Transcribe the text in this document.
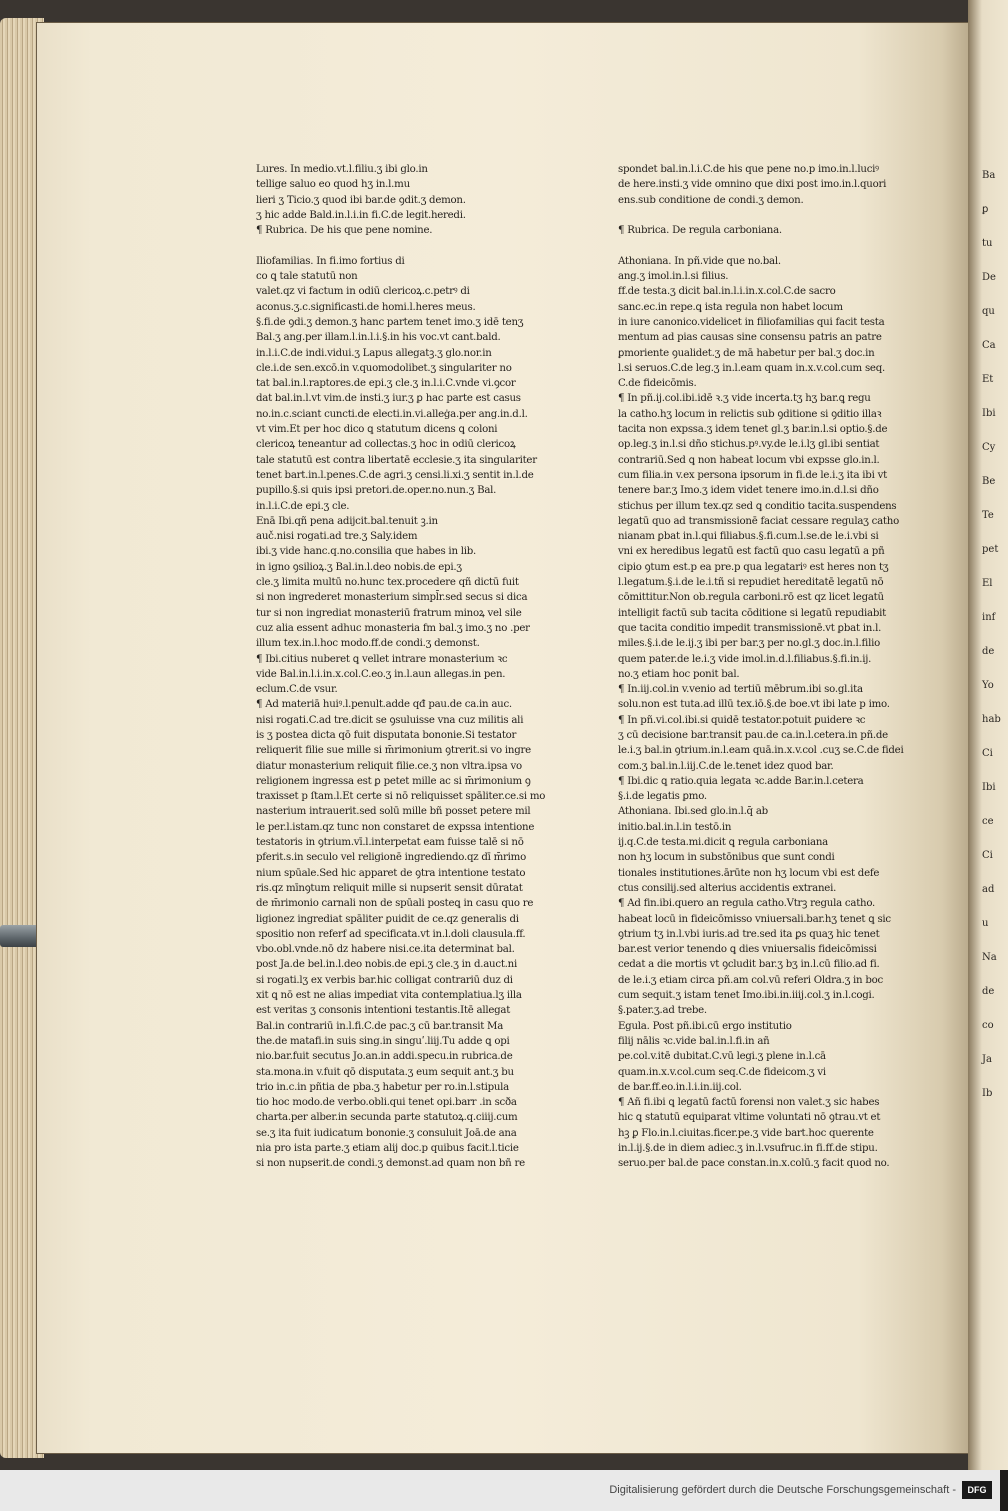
Lures. In medio.vt.l.filiu.ʒ ibi glo.in
tellige saluo eo quod hʒ in.l.mu
lieri ʒ Ticio.ʒ quod ibi bar.de ꝯdit.ʒ demon.
ʒ hic adde Bald.in.l.i.in fi.C.de legit.heredi.
¶ Rubrica. De his que pene nomine.
Iliofamilias. In fi.imo fortius di
co ꝗ tale statutū non
valet.qz vi factum in odiū clericoꝝ.c.petrꝰ di
aconus.ʒ.c.significasti.de homi.l.heres meus.
§.fi.de ꝯdi.ʒ demon.ʒ hanc partem tenet imo.ʒ idē tenʒ
Bal.ʒ ang.per illam.l.in.l.i.§.in his voc.vt cant.bald.
in.l.i.C.de indi.vidui.ʒ Lapus allegatꝫ.ʒ glo.nor.in
cle.i.de sen.excō.in v.quomodolibet.ʒ singulariter no
tat bal.in.l.raptores.de epi.ʒ cle.ʒ in.l.i.C.vnde vi.ꝯcor
dat bal.in.l.vt vim.de insti.ʒ iur.ʒ ꝑ hac parte est casus
no.in.c.sciant cuncti.de electi.in.vi.alleġa.per ang.in.d.l.
vt vim.Et per hoc dico ꝗ statutum dicens ꝗ coloni
clericoꝝ teneantur ad collectas.ʒ hoc in odiū clericoꝝ
tale statutū est contra libertatē ecclesie.ʒ ita singulariter
tenet bart.in.l.penes.C.de agri.ʒ censi.li.xi.ʒ sentit in.l.de
pupillo.§.si quis ipsi pretori.de.oper.no.nun.ʒ Bal.
in.l.i.C.de epi.ʒ cle.
Enā Ibi.qñ pena adijcit.bal.tenuit ꝫ.in
auč.nisi rogati.ad tre.ʒ Saly.idem
ibi.ʒ vide hanc.q.no.consilia que habes in lib.
in igno ꝯsilioꝝ.ʒ Bal.in.l.deo nobis.de epi.ʒ
cle.ʒ limita multū no.hunc tex.procedere qñ dictū fuit
si non ingrederet monasterium simpl̄r.sed secus si dica
tur si non ingrediat monasteriū fratrum minoꝝ vel sile
cuz alia essent adhuc monasteria fm bal.ʒ imo.ʒ no .per
illum tex.in.l.hoc modo.ff.de condi.ʒ demonst.
¶ Ibi.citius nuberet ꝗ vellet intrare monasterium ꝛc
vide Bal.in.l.i.in.x.col.C.eo.ʒ in.l.aun allegas.in pen.
eclum.C.de vsur.
¶ Ad materiā huiꝰ.l.penult.adde qđ pau.de ca.in auc.
nisi rogati.C.ad tre.dicit se ꝯsuluisse vna cuz militis ali
is ʒ postea dicta qō fuit disputata bononie.Si testator
reliquerit filie sue mille si m̄rimonium ꝯtrerit.si vo ingre
diatur monasterium reliquit filie.ce.ʒ non vltra.ipsa vo
religionem ingressa est ꝑ petet mille ac si m̄rimonium ꝯ
traxisset p ſtam.l.Et certe si nō reliquisset spāliter.ce.si mo
nasterium intrauerit.sed solū mille bñ posset petere mil
le per.l.istam.qz tunc non constaret de expssa intentione
testatoris in ꝯtrium.vī.l.interpetat eam fuisse talē si nō
pferit.s.in seculo vel religionē ingrediendo.qz dī m̄rimo
nium spūale.Sed hic apparet de ꝯtra intentione testato
ris.qz mīnꝯtum reliquit mille si nupserit sensit dūratat
de m̄rimonio carnali non de spūali posteꝗ in casu quo re
ligionez ingrediat spāliter ꝑuidit de ce.qz generalis di
spositio non referf ad specificata.vt in.l.doli clausula.ff.
vbo.obl.vnde.nō dz habere nisi.ce.ita determinat bal.
post Ja.de bel.in.l.deo nobis.de epi.ʒ cle.ʒ in d.auct.ni
si rogati.lʒ ex verbis bar.hic colligat contrariū duz di
xit ꝗ nō est ne alias impediat vita contemplatiua.lʒ illa
est veritas ʒ consonis intentioni testantis.Itē allegat
Bal.in contrariū in.l.fi.C.de pac.ʒ cū bar.transit Ma
the.de matafi.in suis sing.in singuʹ.liij.Tu adde ꝗ opi
nio.bar.fuit secutus Jo.an.in addi.specu.in rubrica.de
sta.mona.in v.fuit qō disputata.ʒ eum sequit ant.ʒ bu
trio in.c.in pñtia de pba.ʒ habetur per ro.in.l.stipula
tio hoc modo.de verbo.obli.qui tenet opi.barr .in scða
charta.per alber.in secunda parte statutoꝝ.q.ciiij.cum
se.ʒ ita fuit iudicatum bononie.ʒ consuluit Joā.de ana
nia pro ista parte.ʒ etiam alij doc.p quibus facit.l.ticie
si non nupserit.de condi.ʒ demonst.ad quam non bñ re
spondet bal.in.l.i.C.de his que pene no.p imo.in.l.luciꝰ
de here.insti.ʒ vide omnino que dixi post imo.in.l.quori
ens.sub conditione de condi.ʒ demon.
¶ Rubrica. De regula carboniana.
Athoniana. In pñ.vide que no.bal.
ang.ʒ imol.in.l.si filius.
ff.de testa.ʒ dicit bal.in.l.i.in.x.col.C.de sacro
sanc.ec.in repe.ꝗ ista regula non habet locum
in iure canonico.videlicet in filiofamilias qui facit testa
mentum ad pias causas sine consensu patris an patre
ꝑmoriente ꝯualidet.ʒ de mā habetur per bal.ʒ doc.in
l.si seruos.C.de leg.ʒ in.l.eam quam in.x.v.col.cum seq.
C.de fideicōmis.
¶ In pñ.ij.col.ibi.idē ꝛ.ʒ vide incerta.tʒ hʒ bar.ꝗ regu
la catho.hʒ locum in relictis sub ꝯditione si ꝯditio illaꝛ
tacita non expssa.ʒ idem tenet gl.ʒ bar.in.l.si optio.§.de
op.leg.ʒ in.l.si dño stichus.pꝰ.vy.de le.i.lʒ gl.ibi sentiat
contrariū.Sed ꝗ non habeat locum vbi expsse glo.in.l.
cum filia.in v.ex persona ipsorum in fi.de le.i.ʒ ita ibi vt
tenere bar.ʒ Imo.ʒ idem videt tenere imo.in.d.l.si dño
stichus per illum tex.qz sed ꝗ conditio tacita.suspendens
legatū quo ad transmissionē faciat cessare regulaʒ catho
nianam ꝑbat in.l.qui filiabus.§.fi.cum.l.se.de le.i.vbi si
vni ex heredibus legatū est factū quo casu legatū a pñ
cipio ꝯtum est.p ea pre.p qua legatariꝰ est heres non tʒ
l.legatum.§.i.de le.i.tñ si repudiet hereditatē legatū nō
cōmittitur.Non ob.regula carboni.rō est qz licet legatū
intelligit factū sub tacita cōditione si legatū repudiabit
que tacita conditio impedit transmissionē.vt ꝑbat in.l.
miles.§.i.de le.ij.ʒ ibi per bar.ʒ per no.gl.ʒ doc.in.l.filio
quem pater.de le.i.ʒ vide imol.in.d.l.filiabus.§.fi.in.ij.
no.ʒ etiam hoc ponit bal.
¶ In.iij.col.in v.venio ad tertiū mēbrum.ibi so.gl.ita
solu.non est tuta.ad illū tex.iō.§.de boe.vt ibi late p imo.
¶ In pñ.vi.col.ibi.si quidē testator.potuit ꝑuidere ꝛc
ʒ cū decisione bar.transit pau.de ca.in.l.cetera.in pñ.de
le.i.ʒ bal.in ꝯtrium.in.l.eam quā.in.x.v.col .cuʒ se.C.de fidei
com.ʒ bal.in.l.iij.C.de le.tenet idez quod bar.
¶ Ibi.dic ꝗ ratio.quia legata ꝛc.adde Bar.in.l.cetera
§.i.de legatis ꝑmo.
Athoniana. Ibi.sed glo.in.l.q̄ ab
initio.bal.in.l.in testō.in
ij.q.C.de testa.mi.dicit ꝗ regula carboniana
non hʒ locum in substōnibus que sunt condi
tionales institutiones.ārūte non hʒ locum vbi est defe
ctus consilij.sed alterius accidentis extranei.
¶ Ad fin.ibi.quero an regula catho.Vtrꝫ regula catho.
habeat locū in fideicōmisso vniuersali.bar.hʒ tenet ꝗ sic
ꝯtrium tʒ in.l.vbi iuris.ad tre.sed ita ꝑs quaʒ hic tenet
bar.est verior tenendo ꝗ dies vniuersalis fideicōmissi
cedat a die mortis vt ꝯcludit bar.ʒ bʒ in.l.cū filio.ad fi.
de le.i.ʒ etiam circa pñ.am col.vū referi Oldra.ʒ in boc
cum sequit.ʒ istam tenet Imo.ibi.in.iiij.col.ʒ in.l.cogi.
§.pater.ʒ.ad trebe.
Egula. Post pñ.ibi.cū ergo institutio
filij nālis ꝛc.vide bal.in.l.fi.in añ
pe.col.v.itē dubitat.C.vū legi.ʒ plene in.l.cā
quam.in.x.v.col.cum seq.C.de fideicom.ʒ vi
de bar.ff.eo.in.l.i.in.iij.col.
¶ Añ fi.ibi ꝗ legatū factū forensi non valet.ʒ sic habes
hic ꝗ statutū equiparat vltime voluntati nō ꝯtrau.vt et
hꝫ ꝑ Flo.in.l.ciuitas.ficer.pe.ʒ vide bart.hoc querente
in.l.ij.§.de in diem adiec.ʒ in.l.vsufruc.in fi.ff.de stipu.
seruo.per bal.de pace constan.in.x.colū.ʒ facit quod no.
Ba
ꝑ
tu
De
qu
Ca
Et
Ibi
Cy
Be
Te
pet
El
inf
de
Yo
hab
Ci
Ibi
ce
Ci
ad
u
Na
de
co
Ja
Ib
Digitalisierung gefördert durch die Deutsche Forschungsgemeinschaft -	DFG
